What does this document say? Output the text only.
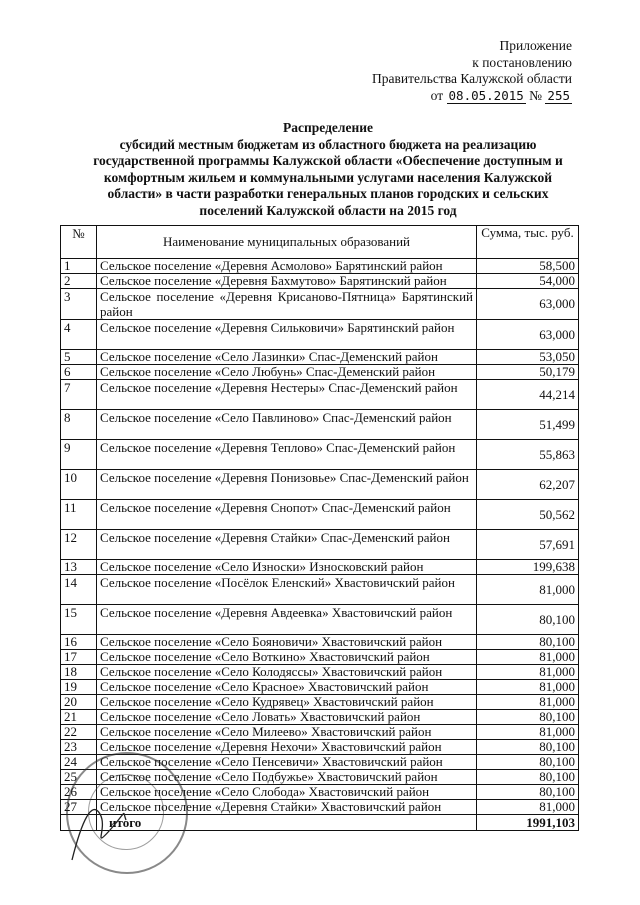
Приложение
к постановлению
Правительства Калужской области
от 08.05.2015 № 255
Распределение
субсидий местным бюджетам из областного бюджета на реализацию
государственной программы Калужской области «Обеспечение доступным и
комфортным жильем и коммунальными услугами населения Калужской
области» в части разработки генеральных планов городских и сельских
поселений Калужской области на 2015 год
№	Наименование муниципальных образований	Сумма, тыс. руб.
1	Сельское поселение «Деревня Асмолово» Барятинский район	58,500
2	Сельское поселение «Деревня Бахмутово» Барятинский район	54,000
3	Сельское поселение «Деревня Крисаново-Пятница» Барятинский район	63,000
4	Сельское поселение «Деревня Сильковичи» Барятинский район	63,000
5	Сельское поселение «Село Лазинки» Спас-Деменский район	53,050
6	Сельское поселение «Село Любунь» Спас-Деменский район	50,179
7	Сельское поселение «Деревня Нестеры» Спас-Деменский район	44,214
8	Сельское поселение «Село Павлиново» Спас-Деменский район	51,499
9	Сельское поселение «Деревня Теплово» Спас-Деменский район	55,863
10	Сельское поселение «Деревня Понизовье» Спас-Деменский район	62,207
11	Сельское поселение «Деревня Снопот» Спас-Деменский район	50,562
12	Сельское поселение «Деревня Стайки» Спас-Деменский район	57,691
13	Сельское поселение «Село Износки» Износковский район	199,638
14	Сельское поселение «Посёлок Еленский» Хвастовичский район	81,000
15	Сельское поселение «Деревня Авдеевка» Хвастовичский район	80,100
16	Сельское поселение «Село Бояновичи» Хвастовичский район	80,100
17	Сельское поселение «Село Воткино» Хвастовичский район	81,000
18	Сельское поселение «Село Колодяссы» Хвастовичский район	81,000
19	Сельское поселение «Село Красное» Хвастовичский район	81,000
20	Сельское поселение «Село Кудрявец» Хвастовичский район	81,000
21	Сельское поселение «Село Ловать» Хвастовичский район	80,100
22	Сельское поселение «Село Милеево» Хвастовичский район	81,000
23	Сельское поселение «Деревня Нехочи» Хвастовичский район	80,100
24	Сельское поселение «Село Пенсевичи» Хвастовичский район	80,100
25	Сельское поселение «Село Подбужье» Хвастовичский район	80,100
26	Сельское поселение «Село Слобода» Хвастовичский район	80,100
27	Сельское поселение «Деревня Стайки» Хвастовичский район	81,000
	итого	1991,103
